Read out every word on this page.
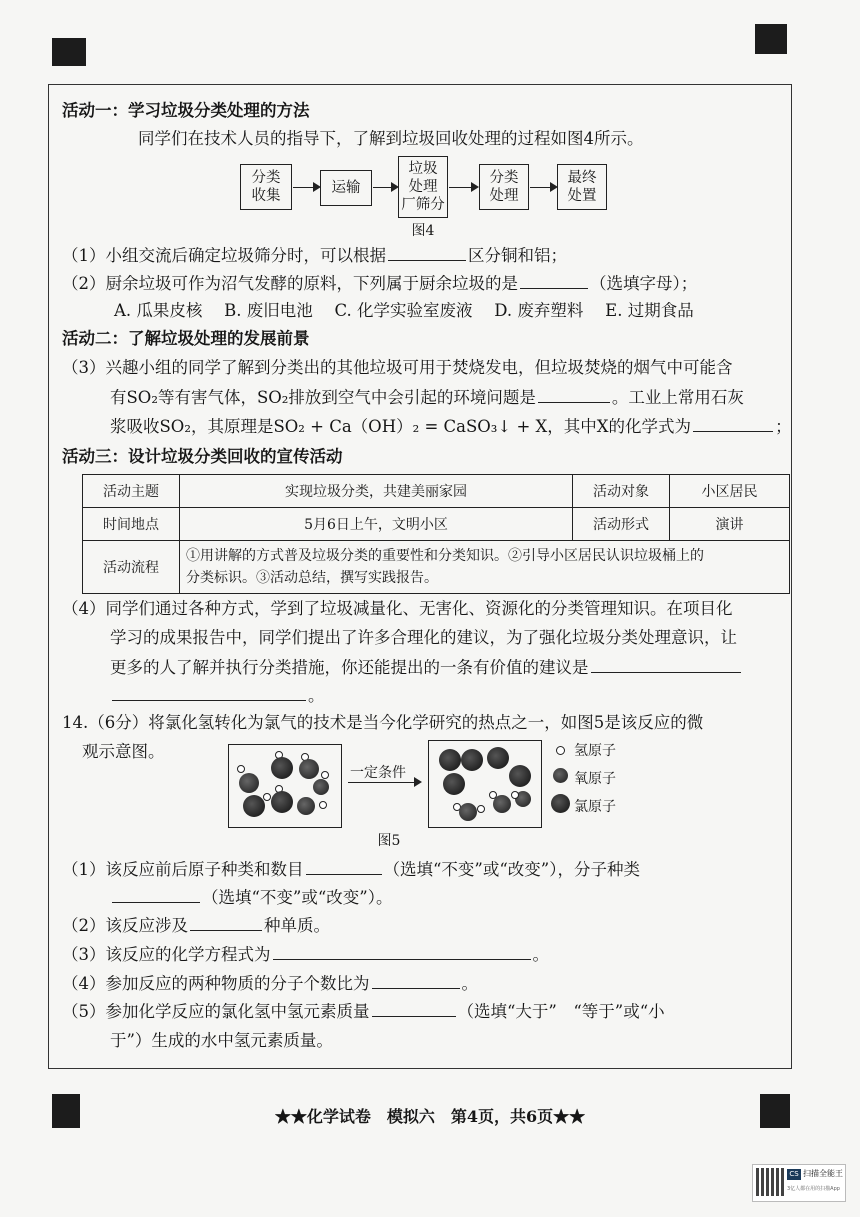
活动一：学习垃圾分类处理的方法
同学们在技术人员的指导下，了解到垃圾回收处理的过程如图4所示。
分类
收集	运输
垃圾
处理
厂筛分
分类
处理
最终
处置
图4
（1）小组交流后确定垃圾筛分时，可以根据	区分铜和铝；
（2）厨余垃圾可作为沼气发酵的原料，下列属于厨余垃圾的是	（选填字母）；
A. 瓜果皮核　 B. 废旧电池　 C. 化学实验室废液　 D. 废弃塑料　 E. 过期食品
活动二：了解垃圾处理的发展前景
（3）兴趣小组的同学了解到分类出的其他垃圾可用于焚烧发电，但垃圾焚烧的烟气中可能含
有SO₂等有害气体，SO₂排放到空气中会引起的环境问题是	。工业上常用石灰
浆吸收SO₂，其原理是SO₂ + Ca（OH）₂ = CaSO₃↓ + X，其中X的化学式为	；
活动三：设计垃圾分类回收的宣传活动
活动主题	实现垃圾分类，共建美丽家园	活动对象	小区居民
时间地点	5月6日上午，文明小区	活动形式	演讲
活动流程	①用讲解的方式普及垃圾分类的重要性和分类知识。②引导小区居民认识垃圾桶上的
分类标识。③活动总结，撰写实践报告。		
（4）同学们通过各种方式，学到了垃圾减量化、无害化、资源化的分类管理知识。在项目化
学习的成果报告中，同学们提出了许多合理化的建议，为了强化垃圾分类处理意识，让
更多的人了解并执行分类措施，你还能提出的一条有价值的建议是
。
14.（6分）将氯化氢转化为氯气的技术是当今化学研究的热点之一，如图5是该反应的微
观示意图。
一定条件
氢原子
氧原子
氯原子
图5
（1）该反应前后原子种类和数目	（选填“不变”或“改变”），分子种类
（选填“不变”或“改变”）。
（2）该反应涉及	种单质。
（3）该反应的化学方程式为	。
（4）参加反应的两种物质的分子个数比为	。
（5）参加化学反应的氯化氢中氢元素质量	（选填“大于”　“等于”或“小
于”）生成的水中氢元素质量。
★★化学试卷　模拟六　第4页，共6页★★
CS 扫描全能王
3亿人都在用的扫描App
